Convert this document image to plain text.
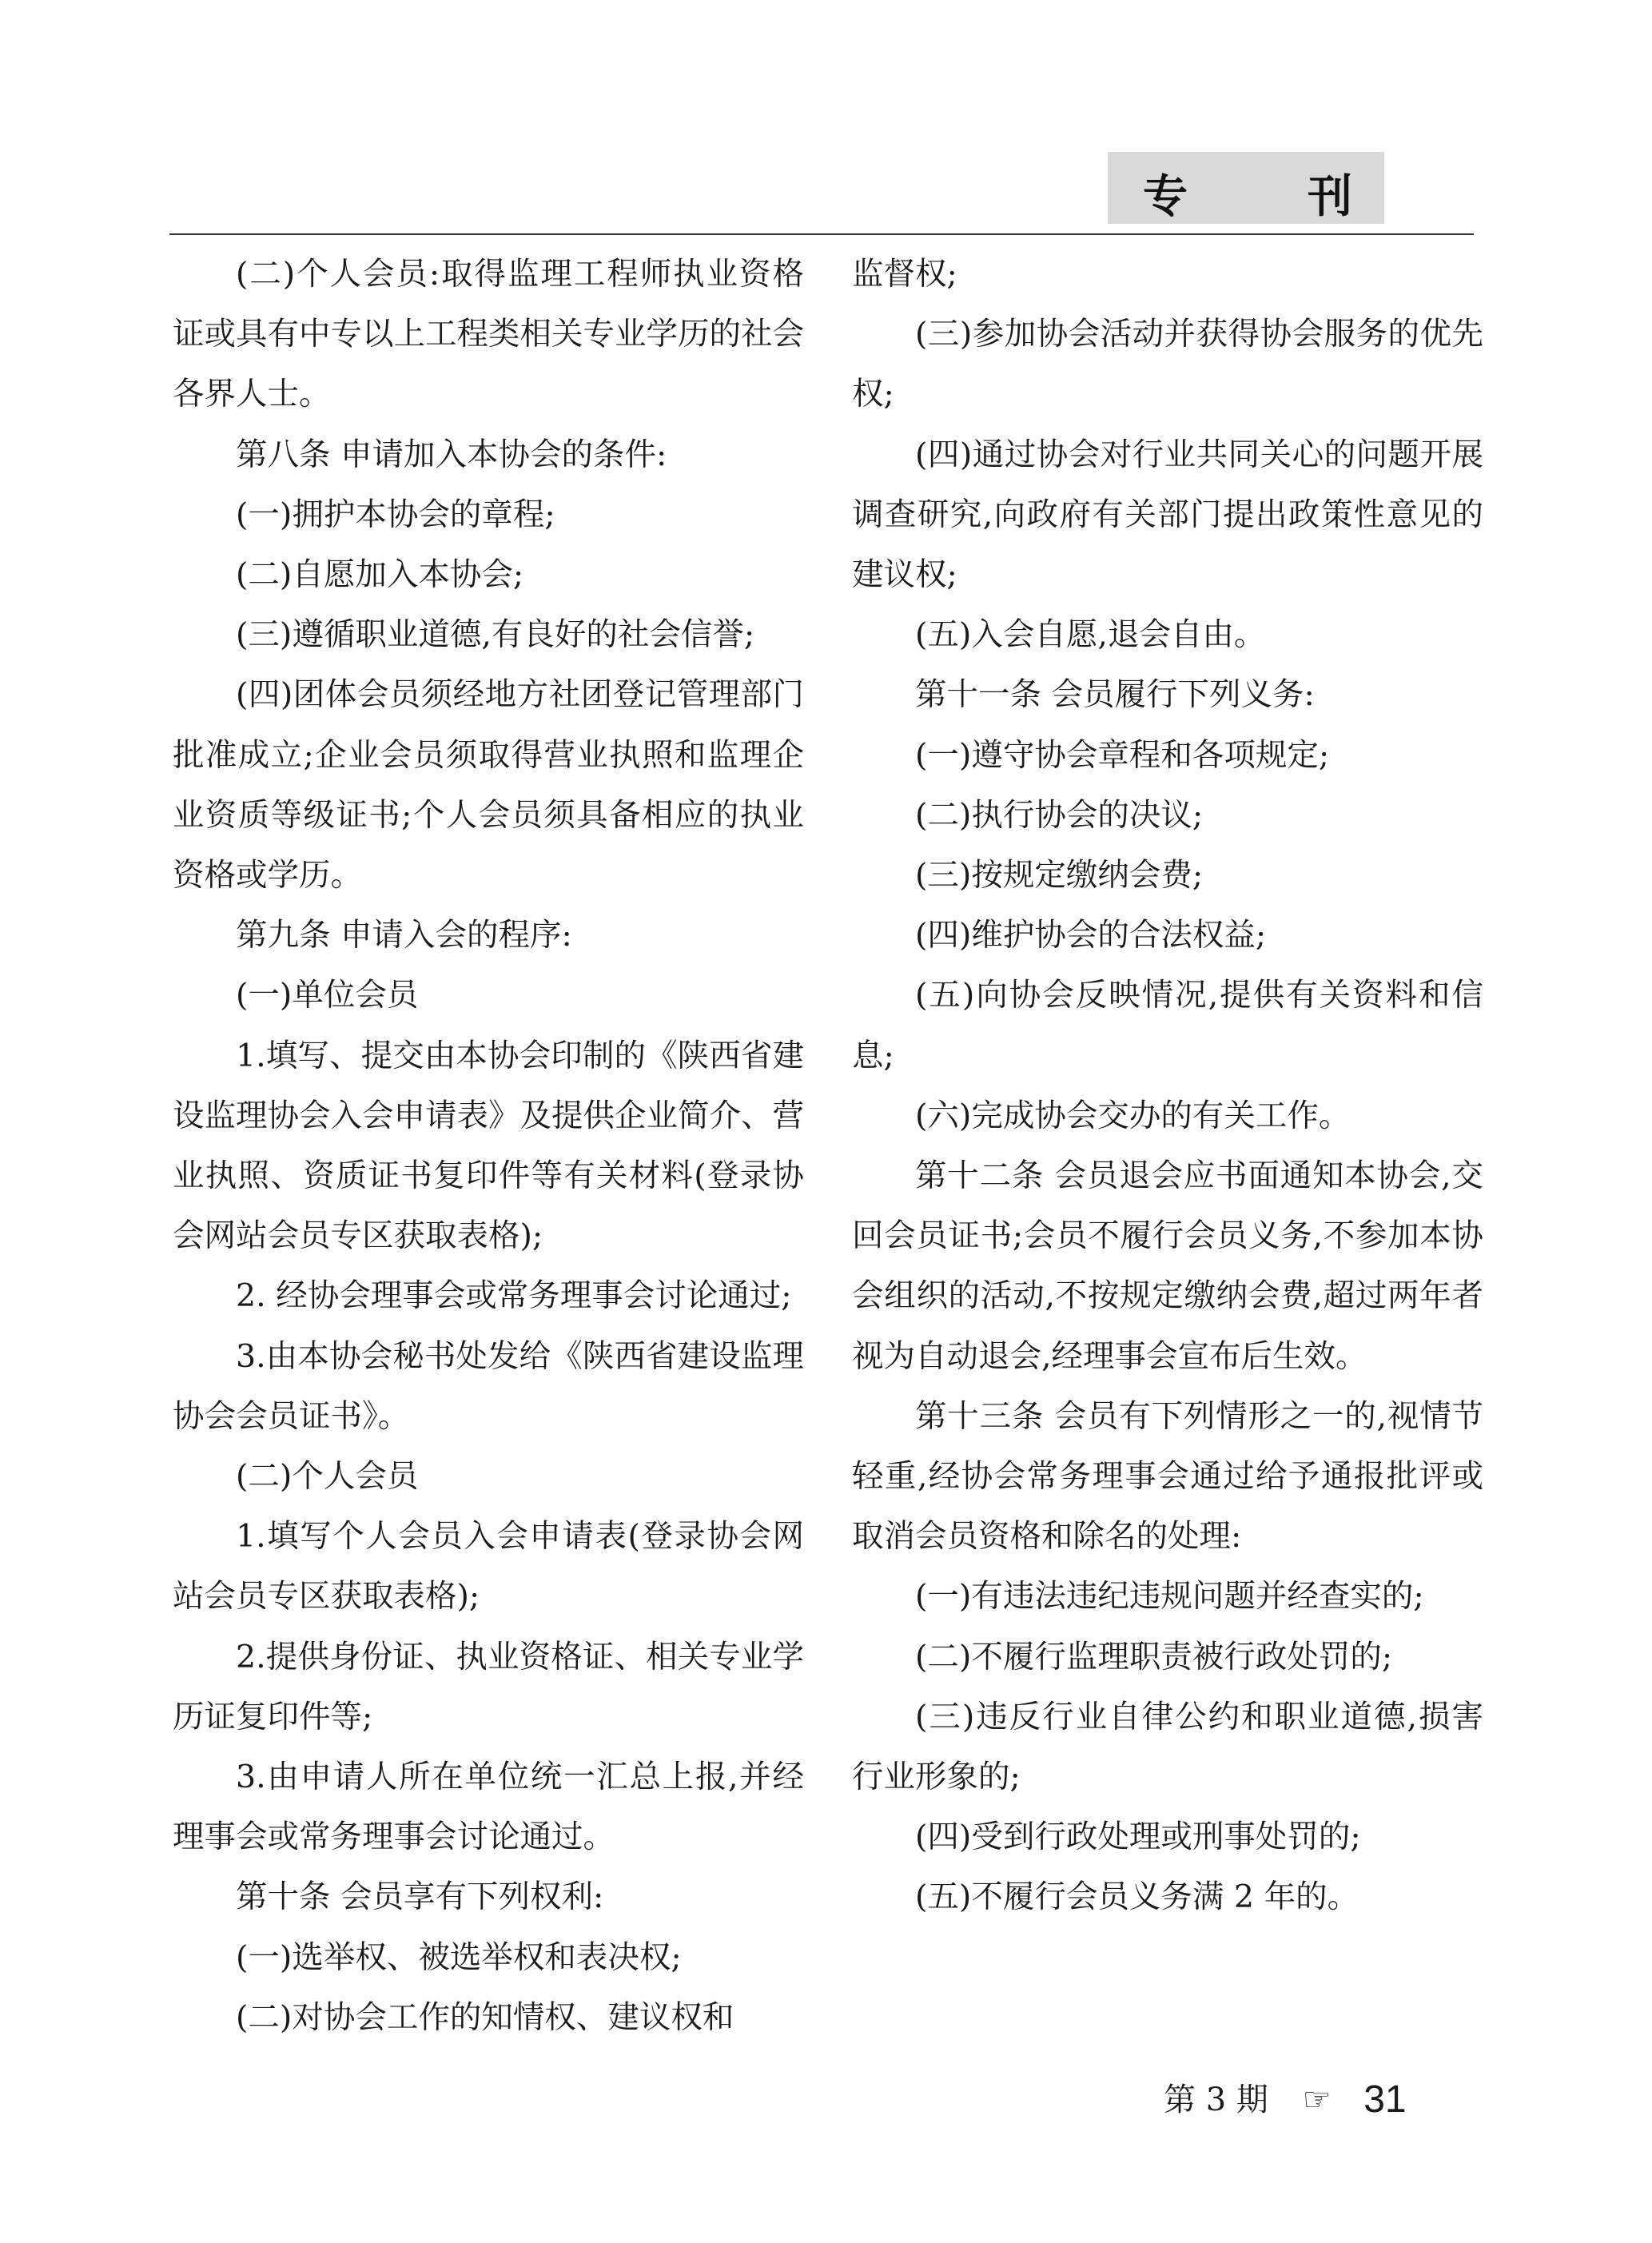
专	刊

(二)个人会员:取得监理工程师执业资格证或具有中专以上工程类相关专业学历的社会各界人士。

第八条 申请加入本协会的条件:

(一)拥护本协会的章程;

(二)自愿加入本协会;

(三)遵循职业道德,有良好的社会信誉;

(四)团体会员须经地方社团登记管理部门批准成立;企业会员须取得营业执照和监理企业资质等级证书;个人会员须具备相应的执业资格或学历。

第九条 申请入会的程序:

(一)单位会员

1.填写、提交由本协会印制的《陕西省建设监理协会入会申请表》及提供企业简介、营业执照、资质证书复印件等有关材料(登录协会网站会员专区获取表格);

2. 经协会理事会或常务理事会讨论通过;

3.由本协会秘书处发给《陕西省建设监理协会会员证书》。

(二)个人会员

1.填写个人会员入会申请表(登录协会网站会员专区获取表格);

2.提供身份证、执业资格证、相关专业学历证复印件等;

3.由申请人所在单位统一汇总上报,并经理事会或常务理事会讨论通过。

第十条 会员享有下列权利:

(一)选举权、被选举权和表决权;

(二)对协会工作的知情权、建议权和

监督权;

(三)参加协会活动并获得协会服务的优先权;

(四)通过协会对行业共同关心的问题开展调查研究,向政府有关部门提出政策性意见的建议权;

(五)入会自愿,退会自由。

第十一条 会员履行下列义务:

(一)遵守协会章程和各项规定;

(二)执行协会的决议;

(三)按规定缴纳会费;

(四)维护协会的合法权益;

(五)向协会反映情况,提供有关资料和信息;

(六)完成协会交办的有关工作。

第十二条 会员退会应书面通知本协会,交回会员证书;会员不履行会员义务,不参加本协会组织的活动,不按规定缴纳会费,超过两年者视为自动退会,经理事会宣布后生效。

第十三条 会员有下列情形之一的,视情节轻重,经协会常务理事会通过给予通报批评或取消会员资格和除名的处理:

(一)有违法违纪违规问题并经查实的;

(二)不履行监理职责被行政处罚的;

(三)违反行业自律公约和职业道德,损害行业形象的;

(四)受到行政处理或刑事处罚的;

(五)不履行会员义务满 2 年的。

第 3 期 ☞ 31
